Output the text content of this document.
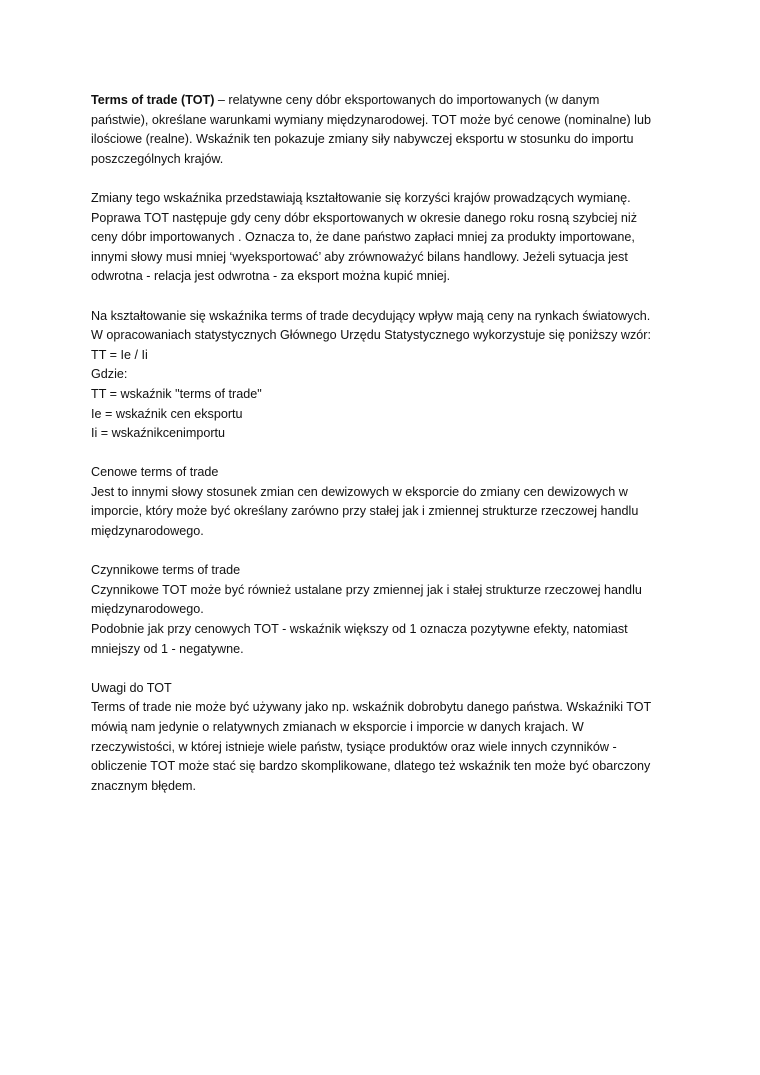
Terms of trade (TOT) – relatywne ceny dóbr eksportowanych do importowanych (w danym
państwie), określane warunkami wymiany międzynarodowej. TOT może być cenowe (nominalne) lub
ilościowe (realne). Wskaźnik ten pokazuje zmiany siły nabywczej eksportu w stosunku do importu
poszczególnych krajów.

Zmiany tego wskaźnika przedstawiają kształtowanie się korzyści krajów prowadzących wymianę.
Poprawa TOT następuje gdy ceny dóbr eksportowanych w okresie danego roku rosną szybciej niż
ceny dóbr importowanych . Oznacza to, że dane państwo zapłaci mniej za produkty importowane,
innymi słowy musi mniej ‘wyeksportować’ aby zrównoważyć bilans handlowy. Jeżeli sytuacja jest
odwrotna - relacja jest odwrotna - za eksport można kupić mniej.

Na kształtowanie się wskaźnika terms of trade decydujący wpływ mają ceny na rynkach światowych.
W opracowaniach statystycznych Głównego Urzędu Statystycznego wykorzystuje się poniższy wzór:
TT = Ie / Ii
Gdzie:
TT = wskaźnik "terms of trade"
Ie = wskaźnik cen eksportu
Ii = wskaźnikcenimportu

Cenowe terms of trade
Jest to innymi słowy stosunek zmian cen dewizowych w eksporcie do zmiany cen dewizowych w
imporcie, który może być określany zarówno przy stałej jak i zmiennej strukturze rzeczowej handlu
międzynarodowego.

Czynnikowe terms of trade
Czynnikowe TOT może być również ustalane przy zmiennej jak i stałej strukturze rzeczowej handlu
międzynarodowego.
Podobnie jak przy cenowych TOT - wskaźnik większy od 1 oznacza pozytywne efekty, natomiast
mniejszy od 1 - negatywne.

Uwagi do TOT
Terms of trade nie może być używany jako np. wskaźnik dobrobytu danego państwa. Wskaźniki TOT
mówią nam jedynie o relatywnych zmianach w eksporcie i imporcie w danych krajach. W
rzeczywistości, w której istnieje wiele państw, tysiące produktów oraz wiele innych czynników -
obliczenie TOT może stać się bardzo skomplikowane, dlatego też wskaźnik ten może być obarczony
znacznym błędem.
